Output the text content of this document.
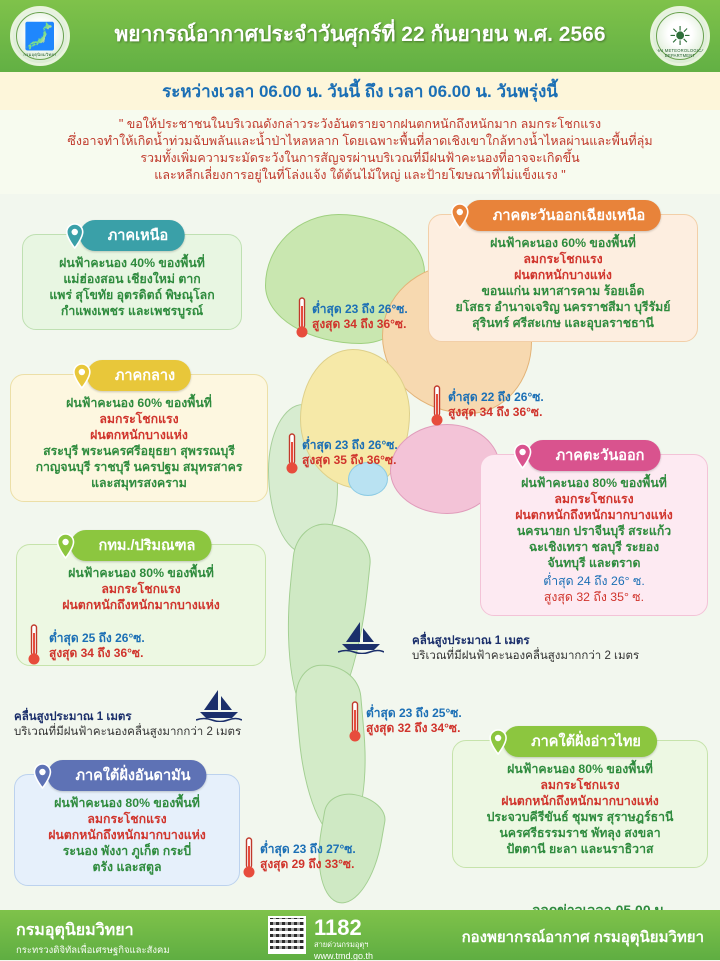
🗾
กรมอุตุนิยมวิทยา
พยากรณ์อากาศประจำวันศุกร์ที่ 22 กันยายน พ.ศ. 2566 ☀
THAI METEOROLOGICAL DEPARTMENT
ระหว่างเวลา 06.00 น. วันนี้ ถึง เวลา 06.00 น. วันพรุ่งนี้

" ขอให้ประชาชนในบริเวณดังกล่าวระวังอันตรายจากฝนตกหนักถึงหนักมาก ลมกระโชกแรง

ซึ่งอาจทำให้เกิดน้ำท่วมฉับพลันและน้ำป่าไหลหลาก โดยเฉพาะพื้นที่ลาดเชิงเขาใกล้ทางน้ำไหลผ่านและพื้นที่ลุ่ม

รวมทั้งเพิ่มความระมัดระวังในการสัญจรผ่านบริเวณที่มีฝนฟ้าคะนองที่อาจจะเกิดขึ้น

และหลีกเลี่ยงการอยู่ในที่โล่งแจ้ง ใต้ต้นไม้ใหญ่ และป้ายโฆษณาที่ไม่แข็งแรง "

ภาคเหนือ
ฝนฟ้าคะนอง 40% ของพื้นที่
แม่ฮ่องสอน เชียงใหม่ ตาก
แพร่ สุโขทัย อุตรดิตถ์ พิษณุโลก
กำแพงเพชร และเพชรบูรณ์	ต่ำสุด 23 ถึง 26°ซ.
สูงสุด 34 ถึง 36°ซ.
ภาคตะวันออกเฉียงเหนือ
ฝนฟ้าคะนอง 60% ของพื้นที่
ลมกระโชกแรง
ฝนตกหนักบางแห่ง
ขอนแก่น มหาสารคาม ร้อยเอ็ด
ยโสธร อำนาจเจริญ นครราชสีมา บุรีรัมย์
สุรินทร์ ศรีสะเกษ และอุบลราชธานี
ต่ำสุด 22 ถึง 26°ซ.
สูงสุด 34 ถึง 36°ซ.
ภาคกลาง
ฝนฟ้าคะนอง 60% ของพื้นที่
ลมกระโชกแรง
ฝนตกหนักบางแห่ง
สระบุรี พระนครศรีอยุธยา สุพรรณบุรี
กาญจนบุรี ราชบุรี นครปฐม สมุทรสาคร
และสมุทรสงคราม
ต่ำสุด 23 ถึง 26°ซ.
สูงสุด 35 ถึง 36°ซ.	ภาคตะวันออก
ฝนฟ้าคะนอง 80% ของพื้นที่
ลมกระโชกแรง
ฝนตกหนักถึงหนักมากบางแห่ง
นครนายก ปราจีนบุรี สระแก้ว
ฉะเชิงเทรา ชลบุรี ระยอง
จันทบุรี และตราด
ต่ำสุด 24 ถึง 26° ซ.
สูงสุด 32 ถึง 35° ซ.
กทม./ปริมณฑล
ฝนฟ้าคะนอง 80% ของพื้นที่
ลมกระโชกแรง
ฝนตกหนักถึงหนักมากบางแห่ง
ต่ำสุด 25 ถึง 26°ซ.
สูงสุด 34 ถึง 36°ซ.
คลื่นสูงประมาณ 1 เมตร
บริเวณที่มีฝนฟ้าคะนองคลื่นสูงมากกว่า 2 เมตร
ต่ำสุด 23 ถึง 25°ซ.
สูงสุด 32 ถึง 34°ซ.
คลื่นสูงประมาณ 1 เมตร
บริเวณที่มีฝนฟ้าคะนองคลื่นสูงมากกว่า 2 เมตร
ภาคใต้ฝั่งอันดามัน
ฝนฟ้าคะนอง 80% ของพื้นที่
ลมกระโชกแรง
ฝนตกหนักถึงหนักมากบางแห่ง
ระนอง พังงา ภูเก็ต กระบี่
ตรัง และสตูล
ต่ำสุด 23 ถึง 27°ซ.
สูงสุด 29 ถึง 33°ซ.
ภาคใต้ฝั่งอ่าวไทย
ฝนฟ้าคะนอง 80% ของพื้นที่
ลมกระโชกแรง
ฝนตกหนักถึงหนักมากบางแห่ง
ประจวบคีรีขันธ์ ชุมพร สุราษฎร์ธานี
นครศรีธรรมราช พัทลุง สงขลา
ปัตตานี ยะลา และนราธิวาส
กรมอุตุนิยมวิทยา
กระทรวงดิจิทัลเพื่อเศรษฐกิจและสังคม
1182
สายด่วนกรมอุตุฯ
www.tmd.go.th
กองพยากรณ์อากาศ กรมอุตุนิยมวิทยา
